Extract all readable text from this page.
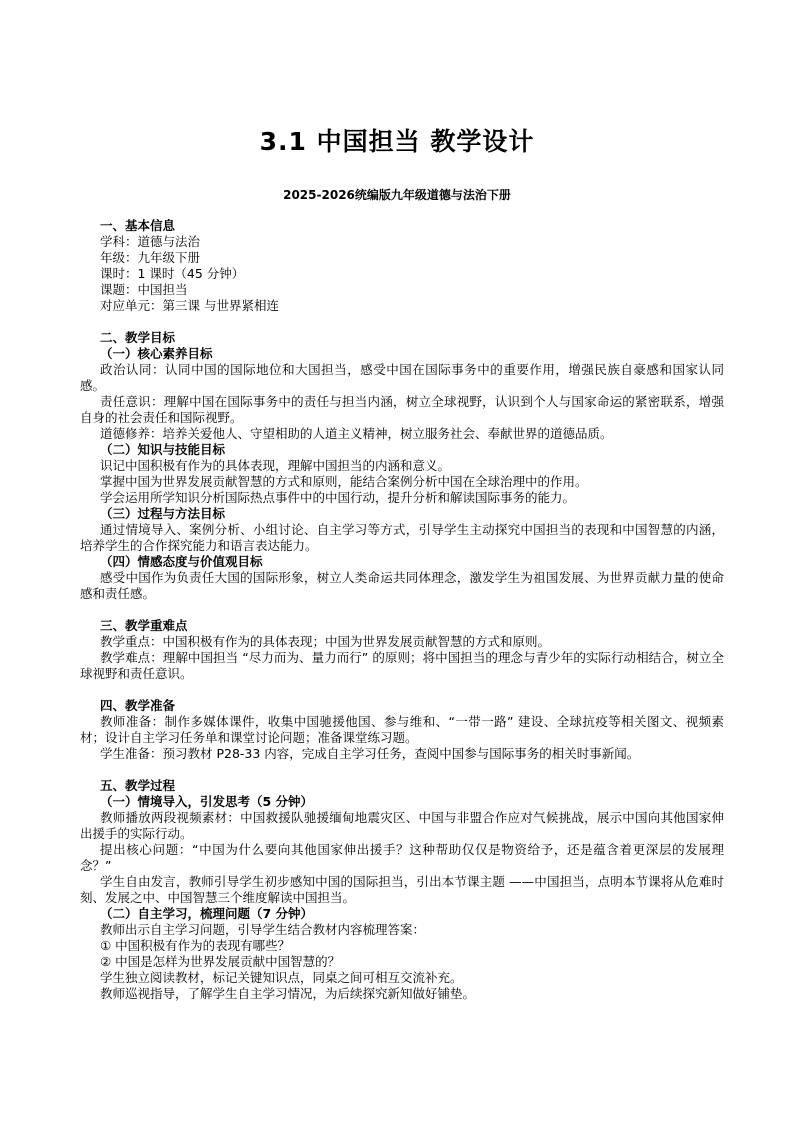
3.1 中国担当 教学设计
2025-2026统编版九年级道德与法治下册

一、基本信息

学科：道德与法治

年级：九年级下册

课时：1 课时（45 分钟）

课题：中国担当

对应单元：第三课 与世界紧相连

二、教学目标

（一）核心素养目标

政治认同：认同中国的国际地位和大国担当，感受中国在国际事务中的重要作用，增强民族自豪感和国家认同感。

责任意识：理解中国在国际事务中的责任与担当内涵，树立全球视野，认识到个人与国家命运的紧密联系，增强自身的社会责任和国际视野。

道德修养：培养关爱他人、守望相助的人道主义精神，树立服务社会、奉献世界的道德品质。

（二）知识与技能目标

识记中国积极有作为的具体表现，理解中国担当的内涵和意义。

掌握中国为世界发展贡献智慧的方式和原则，能结合案例分析中国在全球治理中的作用。

学会运用所学知识分析国际热点事件中的中国行动，提升分析和解读国际事务的能力。

（三）过程与方法目标

通过情境导入、案例分析、小组讨论、自主学习等方式，引导学生主动探究中国担当的表现和中国智慧的内涵，培养学生的合作探究能力和语言表达能力。

（四）情感态度与价值观目标

感受中国作为负责任大国的国际形象，树立人类命运共同体理念，激发学生为祖国发展、为世界贡献力量的使命感和责任感。

三、教学重难点

教学重点：中国积极有作为的具体表现；中国为世界发展贡献智慧的方式和原则。

教学难点：理解中国担当 “尽力而为、量力而行” 的原则；将中国担当的理念与青少年的实际行动相结合，树立全球视野和责任意识。

四、教学准备

教师准备：制作多媒体课件，收集中国驰援他国、参与维和、“一带一路” 建设、全球抗疫等相关图文、视频素材；设计自主学习任务单和课堂讨论问题；准备课堂练习题。

学生准备：预习教材 P28-33 内容，完成自主学习任务，查阅中国参与国际事务的相关时事新闻。

五、教学过程

（一）情境导入，引发思考（5 分钟）

教师播放两段视频素材：中国救援队驰援缅甸地震灾区、中国与非盟合作应对气候挑战，展示中国向其他国家伸出援手的实际行动。

提出核心问题：“中国为什么要向其他国家伸出援手？这种帮助仅仅是物资给予，还是蕴含着更深层的发展理念？”

学生自由发言，教师引导学生初步感知中国的国际担当，引出本节课主题 ——中国担当，点明本节课将从危难时刻、发展之中、中国智慧三个维度解读中国担当。

（二）自主学习，梳理问题（7 分钟）

教师出示自主学习问题，引导学生结合教材内容梳理答案：

① 中国积极有作为的表现有哪些？

② 中国是怎样为世界发展贡献中国智慧的？

学生独立阅读教材，标记关键知识点，同桌之间可相互交流补充。

教师巡视指导，了解学生自主学习情况，为后续探究新知做好铺垫。
